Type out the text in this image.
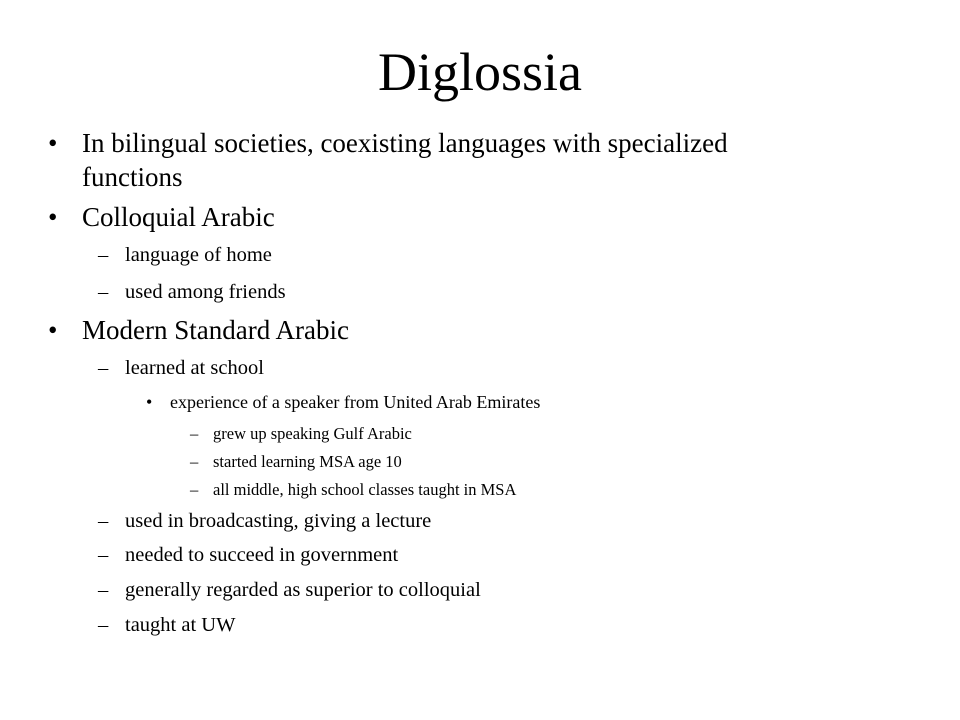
Diglossia
• In bilingual societies, coexisting languages with specialized
functions
• Colloquial Arabic
– language of home
– used among friends
• Modern Standard Arabic
– learned at school
• experience of a speaker from United Arab Emirates
– grew up speaking Gulf Arabic
– started learning MSA age 10
– all middle, high school classes taught in MSA
– used in broadcasting, giving a lecture
– needed to succeed in government
– generally regarded as superior to colloquial
– taught at UW
